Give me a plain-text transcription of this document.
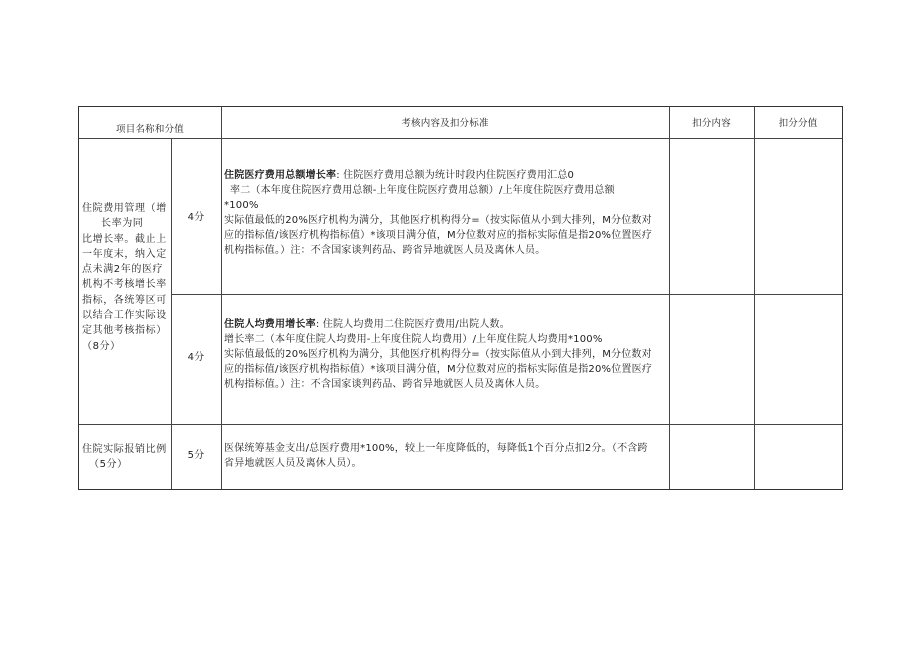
项目名称和分值
考核内容及扣分标准	扣分内容	扣分分值
住院费用管理（增
长率为同
比增长率。截止上
一年度末，纳入定
点未满2年的医疗
机构不考核增长率
指标，各统筹区可
以结合工作实际设
定其他考核指标）
（8分）
4分
住院医疗费用总额增长率: 住院医疗费用总额为统计时段内住院医疗费用汇总0
率二（本年度住院医疗费用总额-上年度住院医疗费用总额）/上年度住院医疗费用总额
*100%
实际值最低的20%医疗机构为满分，其他医疗机构得分=（按实际值从小到大排列，M分位数对
应的指标值/该医疗机构指标值）*该项目满分值，M分位数对应的指标实际值是指20%位置医疗
机构指标值。）注：不含国家谈判药品、跨省异地就医人员及离休人员。
4分
住院人均费用增长率: 住院人均费用二住院医疗费用/出院人数。
增长率二（本年度住院人均费用-上年度住院人均费用）/上年度住院人均费用*100%
实际值最低的20%医疗机构为满分，其他医疗机构得分=（按实际值从小到大排列，M分位数对
应的指标值/该医疗机构指标值）*该项目满分值，M分位数对应的指标实际值是指20%位置医疗
机构指标值。）注：不含国家谈判药品、跨省异地就医人员及离休人员。
住院实际报销比例
（5分）
5分
医保统筹基金支出/总医疗费用*100%，较上一年度降低的，每降低1个百分点扣2分。（不含跨
省异地就医人员及离休人员）。
